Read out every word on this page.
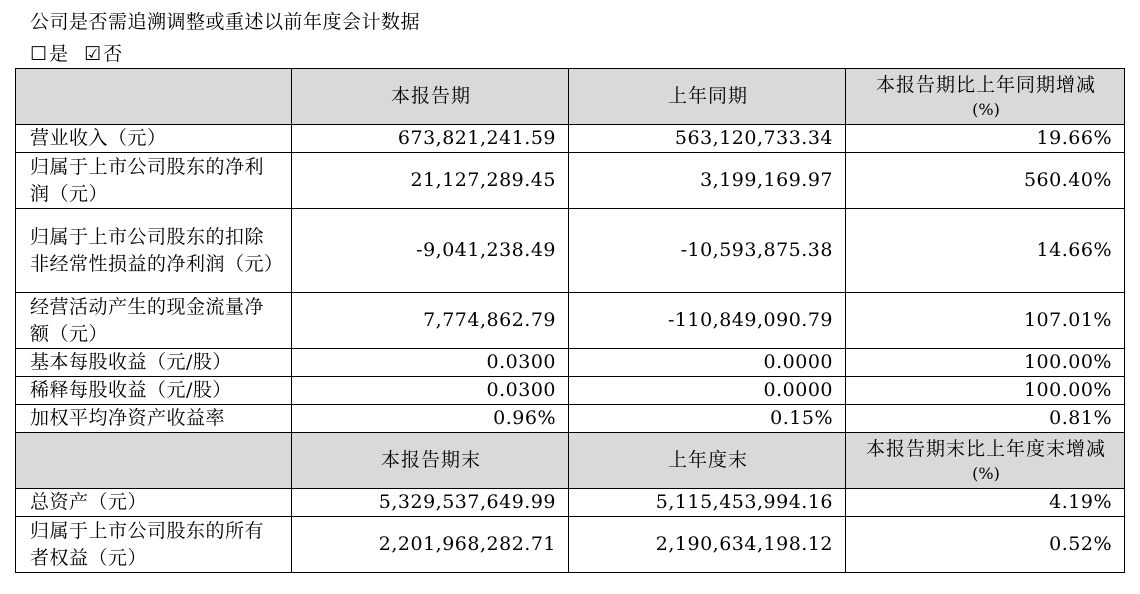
公司是否需追溯调整或重述以前年度会计数据
☐ 是 ☑ 否
	本报告期	上年同期	本报告期比上年同期增减
(%)

营业收入（元）	673,821,241.59	563,120,733.34	19.66%
归属于上市公司股东的净利润（元）	21,127,289.45	3,199,169.97	560.40%
归属于上市公司股东的扣除非经常性损益的净利润（元）	-9,041,238.49	-10,593,875.38	14.66%
经营活动产生的现金流量净额（元）	7,774,862.79	-110,849,090.79	107.01%
基本每股收益（元/股）	0.0300	0.0000	100.00%
稀释每股收益（元/股）	0.0300	0.0000	100.00%
加权平均净资产收益率	0.96%	0.15%	0.81%
	本报告期末	上年度末	本报告期末比上年度末增减
(%)

总资产（元）	5,329,537,649.99	5,115,453,994.16	4.19%
归属于上市公司股东的所有者权益（元）	2,201,968,282.71	2,190,634,198.12	0.52%
